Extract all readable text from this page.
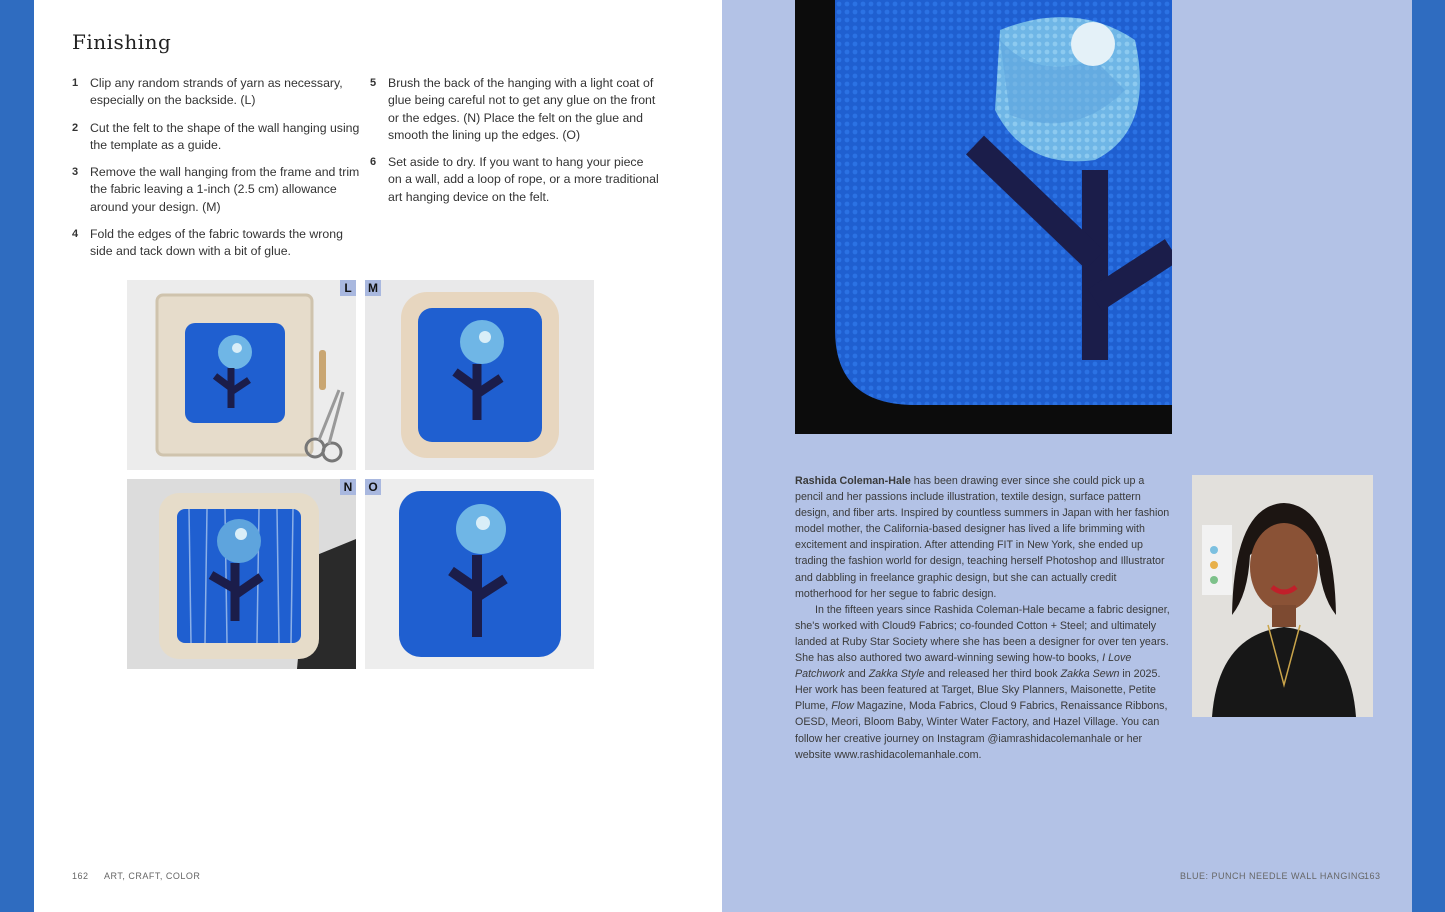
Finishing
1 Clip any random strands of yarn as necessary, especially on the backside. (L)
2 Cut the felt to the shape of the wall hanging using the template as a guide.
3 Remove the wall hanging from the frame and trim the fabric leaving a 1-inch (2.5 cm) allowance around your design. (M)
4 Fold the edges of the fabric towards the wrong side and tack down with a bit of glue.
5 Brush the back of the hanging with a light coat of glue being careful not to get any glue on the front or the edges. (N) Place the felt on the glue and smooth the lining up the edges. (O)
6 Set aside to dry. If you want to hang your piece on a wall, add a loop of rope, or a more traditional art hanging device on the felt.
L	M
N	O
162 ART, CRAFT, COLOR

Rashida Coleman-Hale has been drawing ever since she could pick up a pencil and her passions include illustration, textile design, surface pattern design, and fiber arts. Inspired by countless summers in Japan with her fashion model mother, the California-based designer has lived a life brimming with excitement and inspiration. After attending FIT in New York, she ended up trading the fashion world for design, teaching herself Photoshop and Illustrator and dabbling in freelance graphic design, but she can actually credit motherhood for her segue to fabric design.

In the fifteen years since Rashida Coleman-Hale became a fabric designer, she's worked with Cloud9 Fabrics; co-founded Cotton + Steel; and ultimately landed at Ruby Star Society where she has been a designer for over ten years. She has also authored two award-winning sewing how-to books, I Love Patchwork and Zakka Style and released her third book Zakka Sewn in 2025. Her work has been featured at Target, Blue Sky Planners, Maisonette, Petite Plume, Flow Magazine, Moda Fabrics, Cloud 9 Fabrics, Renaissance Ribbons, OESD, Meori, Bloom Baby, Winter Water Factory, and Hazel Village. You can follow her creative journey on Instagram @iamrashidacolemanhale or her website www.rashidacolemanhale.com.

BLUE: PUNCH NEEDLE WALL HANGING
163
